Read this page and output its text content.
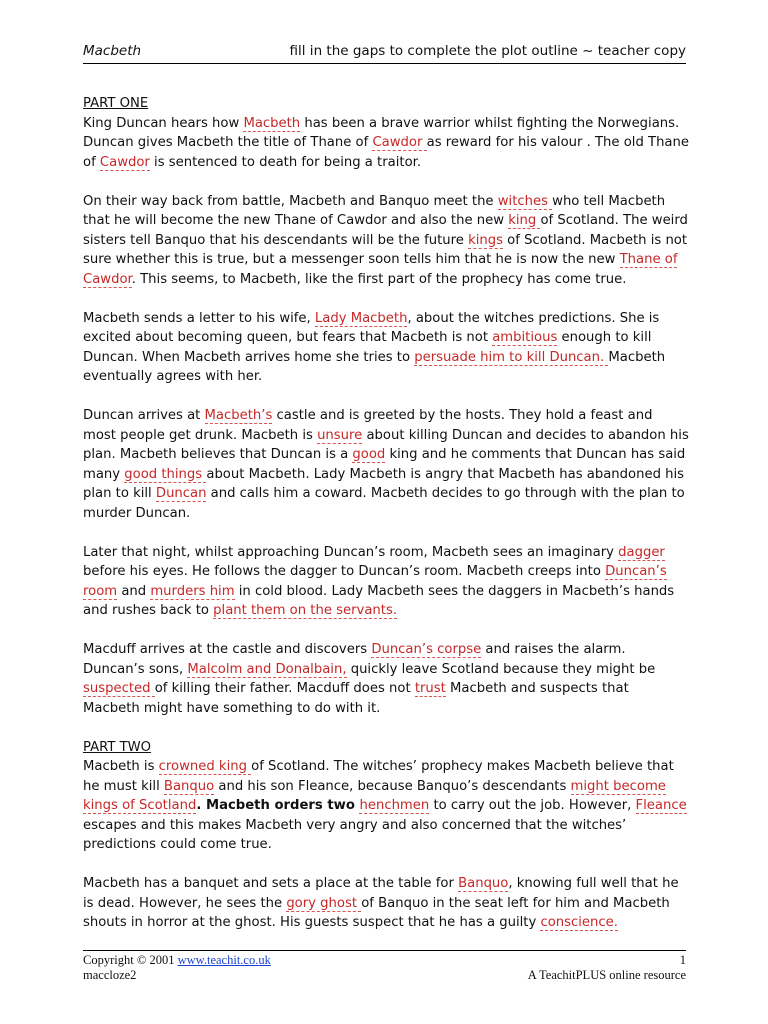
Macbeth	fill in the gaps to complete the plot outline ~ teacher copy
PART ONE

King Duncan hears how Macbeth has been a brave warrior whilst fighting the Norwegians. Duncan gives Macbeth the title of Thane of Cawdor as reward for his valour . The old Thane of Cawdor is sentenced to death for being a traitor.

On their way back from battle, Macbeth and Banquo meet the witches who tell Macbeth that he will become the new Thane of Cawdor and also the new king of Scotland. The weird sisters tell Banquo that his descendants will be the future kings of Scotland. Macbeth is not sure whether this is true, but a messenger soon tells him that he is now the new Thane of Cawdor. This seems, to Macbeth, like the first part of the prophecy has come true.

Macbeth sends a letter to his wife, Lady Macbeth, about the witches predictions. She is excited about becoming queen, but fears that Macbeth is not ambitious enough to kill Duncan. When Macbeth arrives home she tries to persuade him to kill Duncan. Macbeth eventually agrees with her.

Duncan arrives at Macbeth’s castle and is greeted by the hosts. They hold a feast and most people get drunk. Macbeth is unsure about killing Duncan and decides to abandon his plan. Macbeth believes that Duncan is a good king and he comments that Duncan has said many good things about Macbeth. Lady Macbeth is angry that Macbeth has abandoned his plan to kill Duncan and calls him a coward. Macbeth decides to go through with the plan to murder Duncan.

Later that night, whilst approaching Duncan’s room, Macbeth sees an imaginary dagger before his eyes. He follows the dagger to Duncan’s room. Macbeth creeps into Duncan’s room and murders him in cold blood. Lady Macbeth sees the daggers in Macbeth’s hands and rushes back to plant them on the servants.

Macduff arrives at the castle and discovers Duncan’s corpse and raises the alarm. Duncan’s sons, Malcolm and Donalbain, quickly leave Scotland because they might be suspected of killing their father. Macduff does not trust Macbeth and suspects that Macbeth might have something to do with it.

PART TWO

Macbeth is crowned king of Scotland. The witches’ prophecy makes Macbeth believe that he must kill Banquo and his son Fleance, because Banquo’s descendants might become kings of Scotland. Macbeth orders two henchmen to carry out the job. However, Fleance escapes and this makes Macbeth very angry and also concerned that the witches’ predictions could come true.

Macbeth has a banquet and sets a place at the table for Banquo, knowing full well that he is dead. However, he sees the gory ghost of Banquo in the seat left for him and Macbeth shouts in horror at the ghost. His guests suspect that he has a guilty conscience.

Copyright © 2001 www.teachit.co.uk
maccloze2
1
A TeachitPLUS online resource
